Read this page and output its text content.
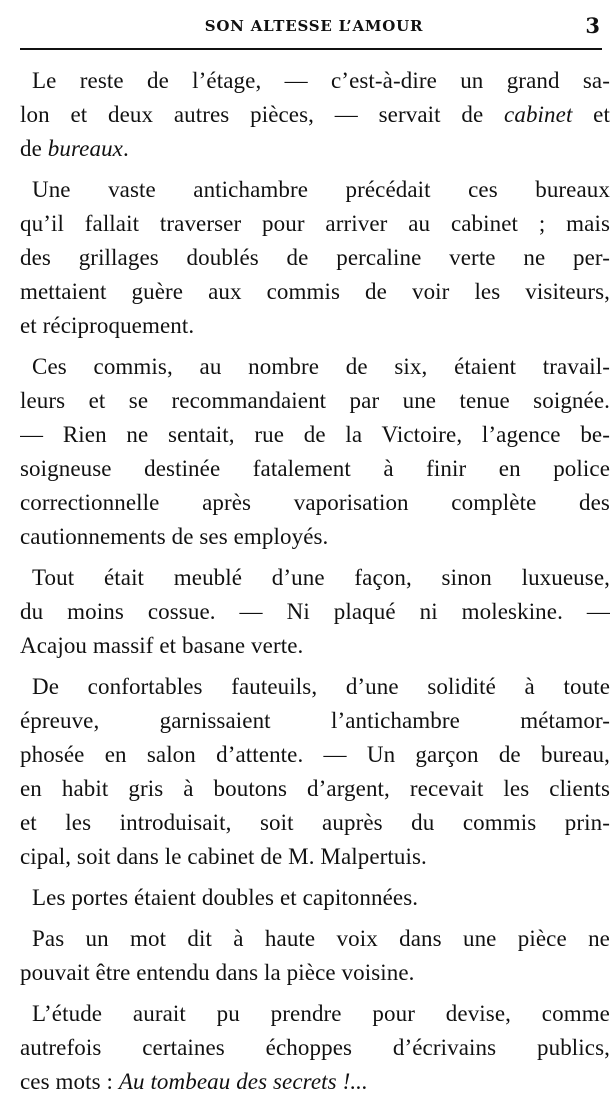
SON ALTESSE L’AMOUR	3
Le reste de l’étage, — c’est-à-dire un grand sa-
lon et deux autres pièces, — servait de cabinet et
de bureaux.
Une vaste antichambre précédait ces bureaux
qu’il fallait traverser pour arriver au cabinet ; mais
des grillages doublés de percaline verte ne per-
mettaient guère aux commis de voir les visiteurs,
et réciproquement.
Ces commis, au nombre de six, étaient travail-
leurs et se recommandaient par une tenue soignée.
— Rien ne sentait, rue de la Victoire, l’agence be-
soigneuse destinée fatalement à finir en police
correctionnelle après vaporisation complète des
cautionnements de ses employés.
Tout était meublé d’une façon, sinon luxueuse,
du moins cossue. — Ni plaqué ni moleskine. —
Acajou massif et basane verte.
De confortables fauteuils, d’une solidité à toute
épreuve, garnissaient l’antichambre métamor-
phosée en salon d’attente. — Un garçon de bureau,
en habit gris à boutons d’argent, recevait les clients
et les introduisait, soit auprès du commis prin-
cipal, soit dans le cabinet de M. Malpertuis.
Les portes étaient doubles et capitonnées.
Pas un mot dit à haute voix dans une pièce ne
pouvait être entendu dans la pièce voisine.
L’étude aurait pu prendre pour devise, comme
autrefois certaines échoppes d’écrivains publics,
ces mots : Au tombeau des secrets !...
